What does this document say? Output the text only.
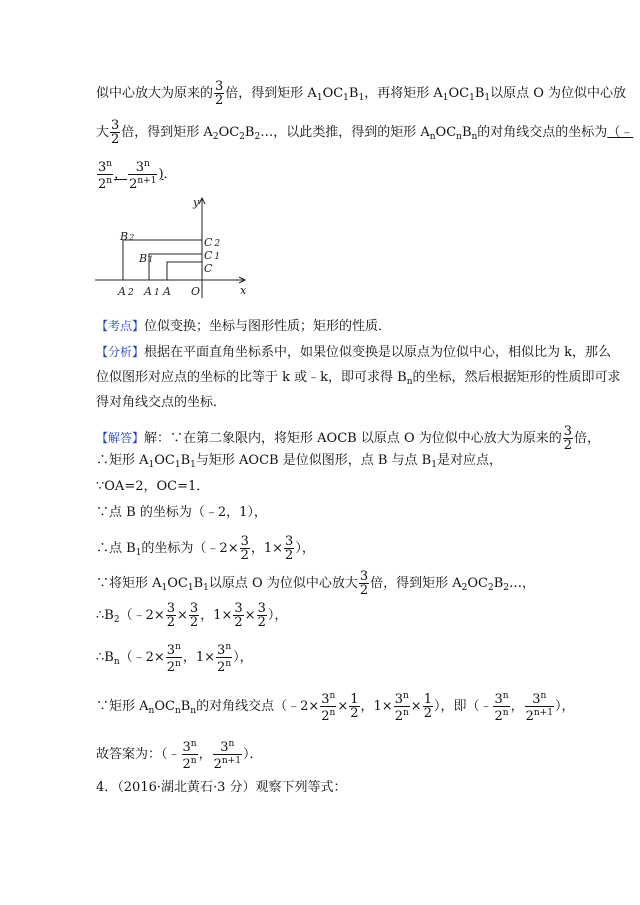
似中心放大为原来的 $\frac{3}{2}$ 倍，得到矩形 $A_1OC_1B_1$，再将矩形 $A_1OC_1B_1$以原点 O 为位似中心放
大 $\frac{3}{2}$ 倍，得到矩形 $A_2OC_2B_2\dots$，以此类推，得到的矩形 $A_nOC_nB_n$的对角线交点的坐标为（﹣
$\frac{3^n}{2^n}$ ， $\frac{3^n}{2^{n+1}}$ )．
y
x
O
B2
B1
C 2
C 1
C
A 2 A 1 A
【考点】位似变换；坐标与图形性质；矩形的性质．
【分析】根据在平面直角坐标系中，如果位似变换是以原点为位似中心，相似比为 k，那么
位似图形对应点的坐标的比等于 k 或﹣k，即可求得 $B_n$的坐标，然后根据矩形的性质即可求
得对角线交点的坐标．
【解答】解：∵在第二象限内，将矩形 AOCB 以原点 O 为位似中心放大为原来的 $\frac{3}{2}$ 倍，
∴矩形 $A_1OC_1B_1$与矩形 AOCB 是位似图形，点 B 与点 $B_1$是对应点，
∵OA=2，OC=1．
∵点 B 的坐标为（﹣2，1），
∴点 $B_1$的坐标为（﹣2× $\frac{3}{2}$ ，$1\times \frac{3}{2}$ ），
∵将矩形 $A_1OC_1B_1$以原点 O 为位似中心放大 $\frac{3}{2}$ 倍，得到矩形 $A_2OC_2B_2\dots$，
$\therefore B_2(﹣2\times \frac{3}{2} \times \frac{3}{2}$ ，$1\times \frac{3}{2} \times \frac{3}{2}$ ），
$\therefore B_n(﹣2\times \frac{3^n}{2^n}$ ，$1\times \frac{3^n}{2^n}$ ），
∵矩形 $A_nOC_nB_n$的对角线交点（﹣2× $\frac{3^n}{2^n} \times \frac{1}{2}$ ，$1\times \frac{3^n}{2^n} \times \frac{1}{2}$ ），即（﹣ $\frac{3^n}{2^n}$ ， $\frac{3^n}{2^{n+1}}$ ），
故答案为：（﹣ $\frac{3^n}{2^n}$ ， $\frac{3^n}{2^{n+1}}$ ）．
4．（2016·湖北黄石·3 分）观察下列等式：
